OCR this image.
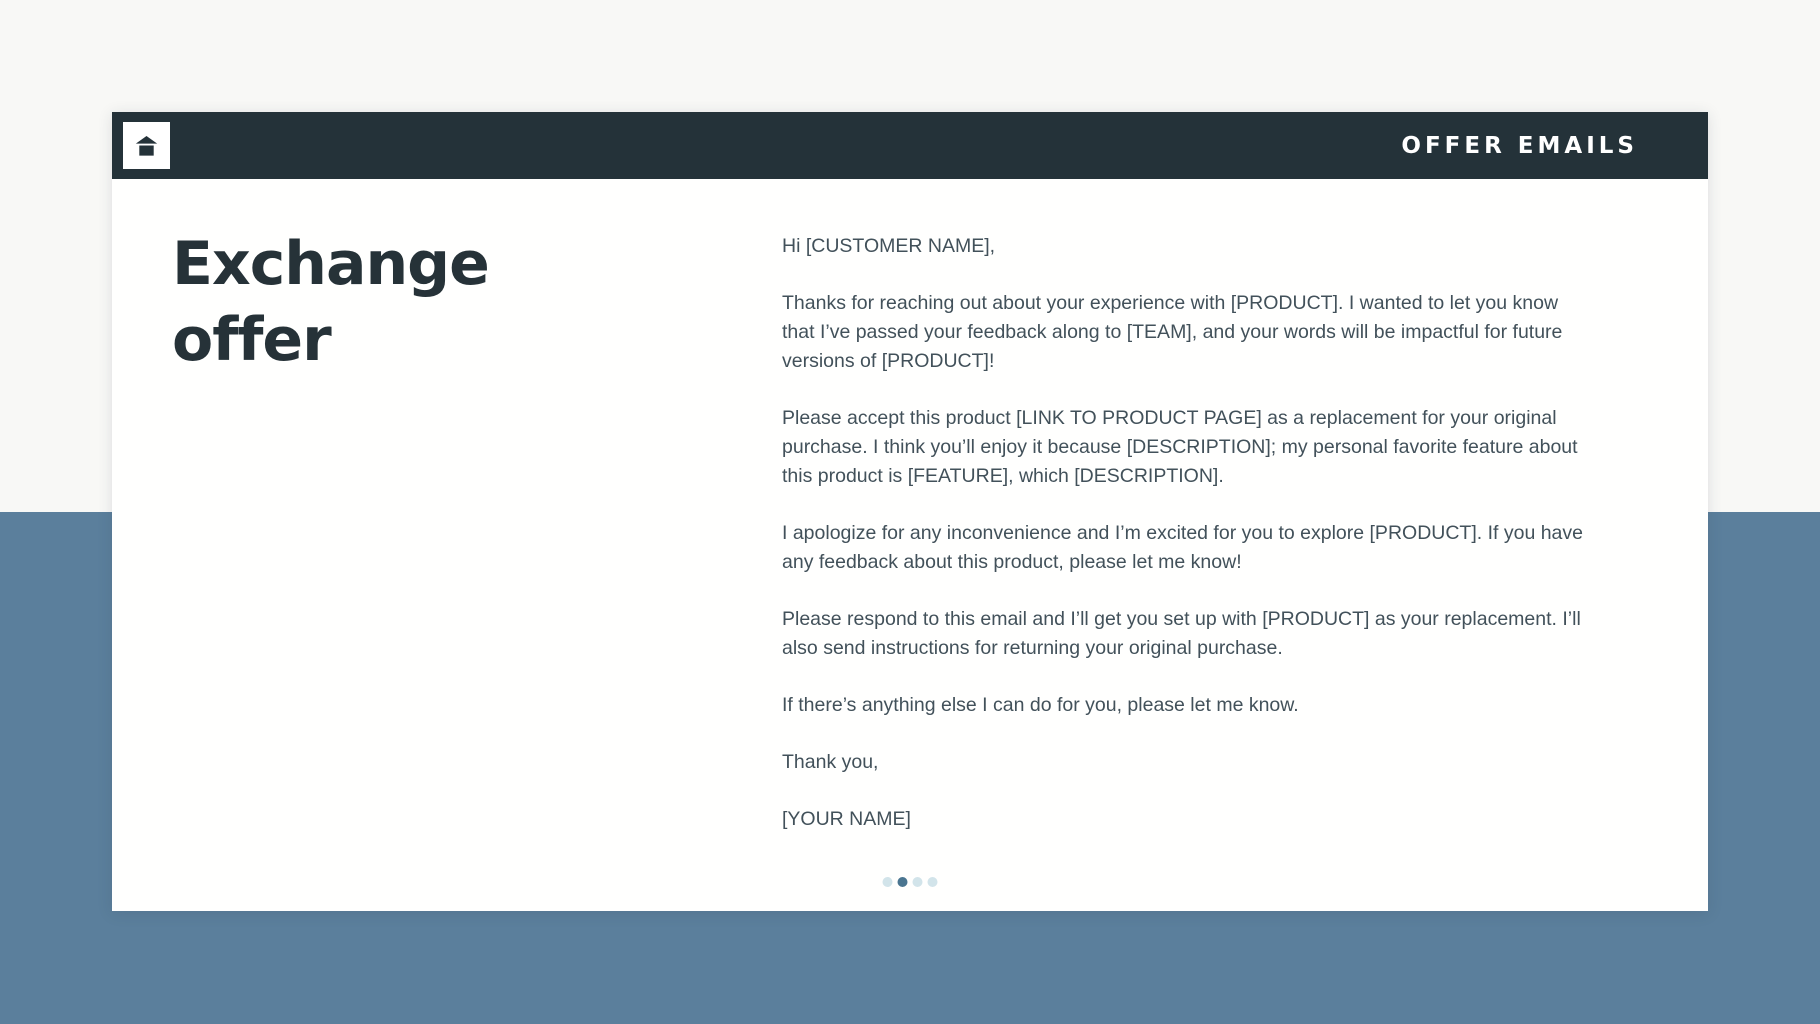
OFFER EMAILS
Exchange offer

Hi [CUSTOMER NAME],

Thanks for reaching out about your experience with [PRODUCT]. I wanted to let you know that I’ve passed your feedback along to [TEAM], and your words will be impactful for future versions of [PRODUCT]!

Please accept this product [LINK TO PRODUCT PAGE] as a replacement for your original purchase. I think you’ll enjoy it because [DESCRIPTION]; my personal favorite feature about this product is [FEATURE], which [DESCRIPTION].

I apologize for any inconvenience and I’m excited for you to explore [PRODUCT]. If you have any feedback about this product, please let me know!

Please respond to this email and I’ll get you set up with [PRODUCT] as your replacement. I’ll also send instructions for returning your original purchase.

If there’s anything else I can do for you, please let me know.

Thank you,

[YOUR NAME]
